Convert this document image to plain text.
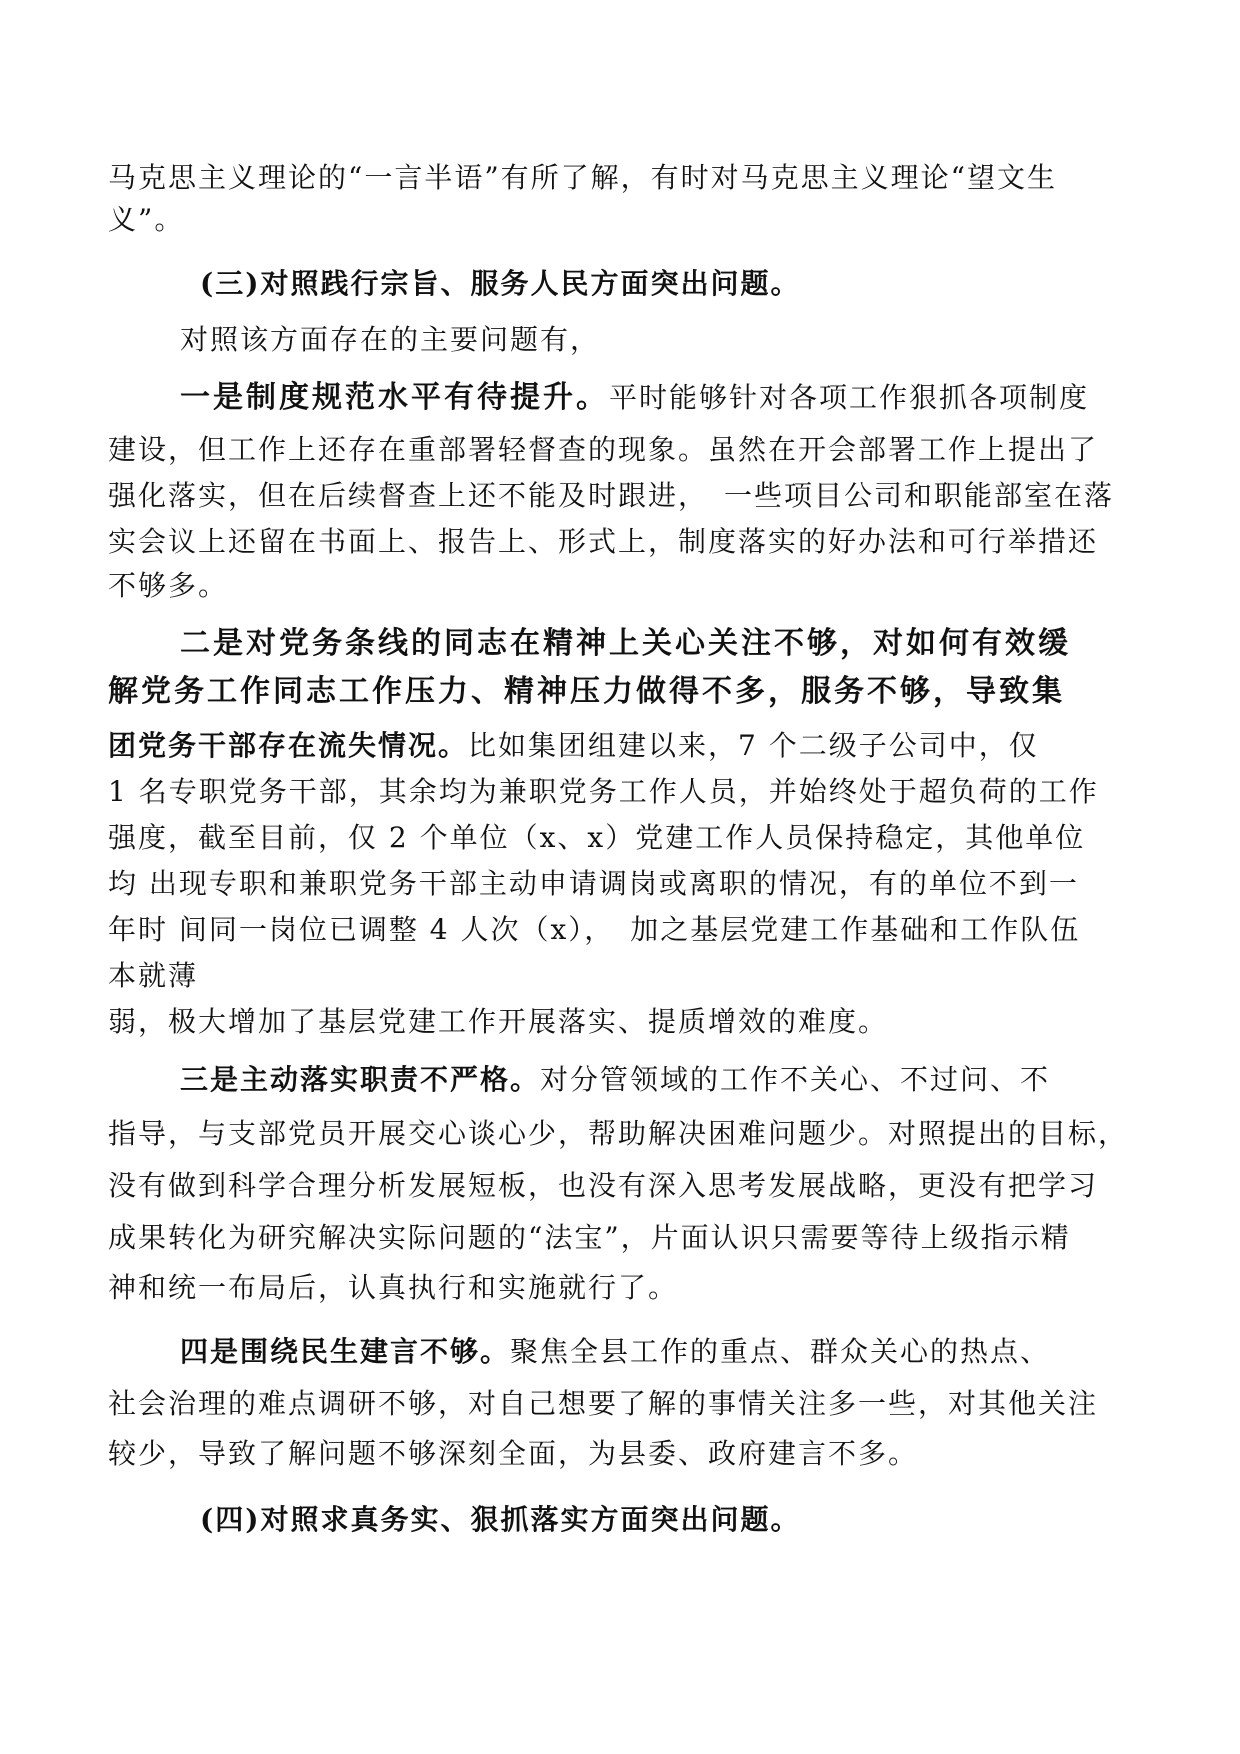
马克思主义理论的“一言半语”有所了解，有时对马克思主义理论“望文生
义”。
(三)对照践行宗旨、服务人民方面突出问题。
对照该方面存在的主要问题有，
一是制度规范水平有待提升。平时能够针对各项工作狠抓各项制度
建设，但工作上还存在重部署轻督查的现象。虽然在开会部署工作上提出了
强化落实，但在后续督查上还不能及时跟进，　一些项目公司和职能部室在落
实会议上还留在书面上、报告上、形式上，制度落实的好办法和可行举措还
不够多。
二是对党务条线的同志在精神上关心关注不够，对如何有效缓
解党务工作同志工作压力、精神压力做得不多，服务不够，导致集
团党务干部存在流失情况。比如集团组建以来，7 个二级子公司中，仅
1 名专职党务干部，其余均为兼职党务工作人员，并始终处于超负荷的工作
强度，截至目前，仅 2 个单位（x、x）党建工作人员保持稳定，其他单位
均 出现专职和兼职党务干部主动申请调岗或离职的情况，有的单位不到一
年时 间同一岗位已调整 4 人次（x），　加之基层党建工作基础和工作队伍
本就薄
弱，极大增加了基层党建工作开展落实、提质增效的难度。
三是主动落实职责不严格。对分管领域的工作不关心、不过问、不
指导，与支部党员开展交心谈心少，帮助解决困难问题少。对照提出的目标，
没有做到科学合理分析发展短板，也没有深入思考发展战略，更没有把学习
成果转化为研究解决实际问题的“法宝”，片面认识只需要等待上级指示精
神和统一布局后，认真执行和实施就行了。
四是围绕民生建言不够。聚焦全县工作的重点、群众关心的热点、
社会治理的难点调研不够，对自己想要了解的事情关注多一些，对其他关注
较少，导致了解问题不够深刻全面，为县委、政府建言不多。
(四)对照求真务实、狠抓落实方面突出问题。
